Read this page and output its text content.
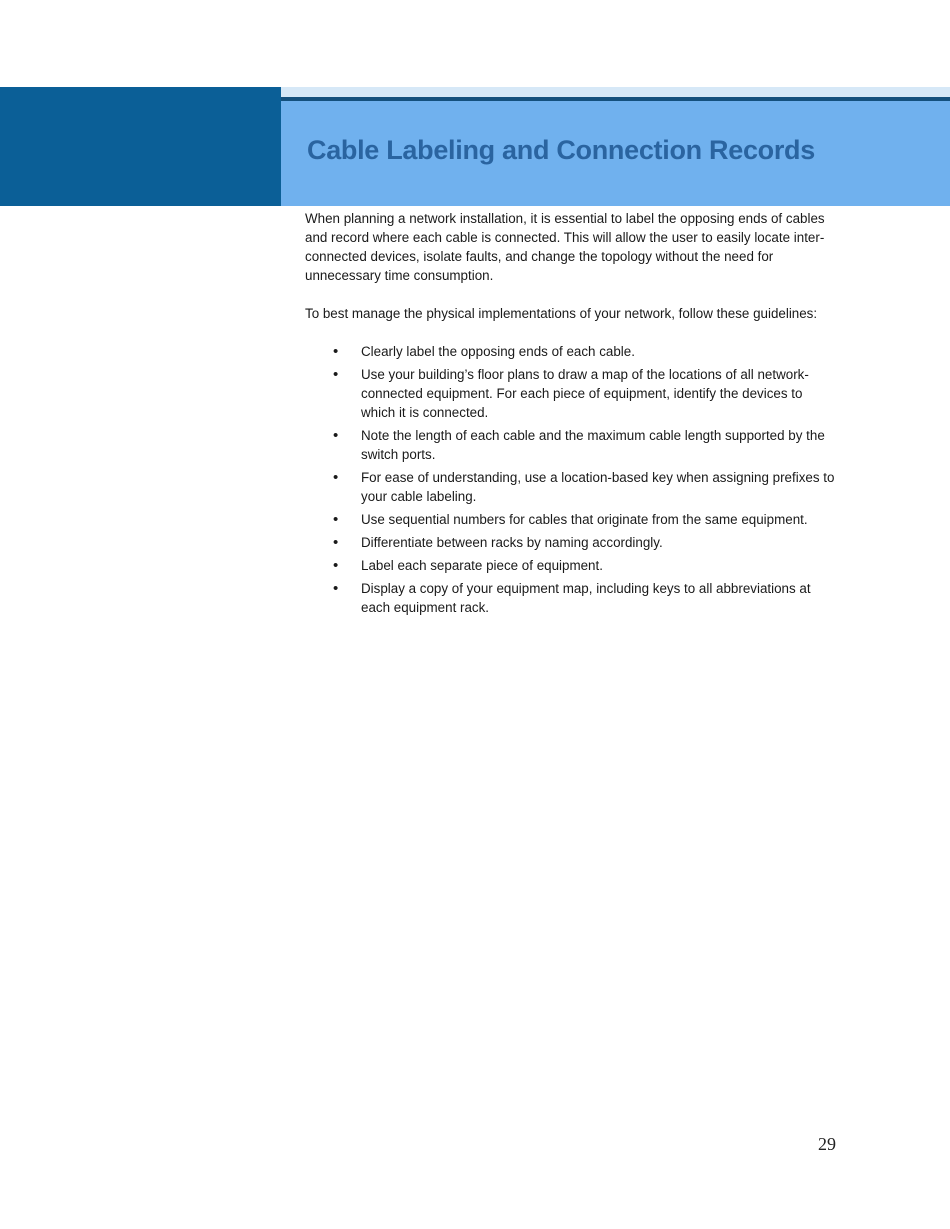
Cable Labeling and Connection Records

When planning a network installation, it is essential to label the opposing ends of cables and record where each cable is connected. This will allow the user to easily locate inter-connected devices, isolate faults, and change the topology without the need for unnecessary time consumption.

To best manage the physical implementations of your network, follow these guidelines:

• Clearly label the opposing ends of each cable.
• Use your building’s floor plans to draw a map of the locations of all network-connected equipment. For each piece of equipment, identify the devices to which it is connected.
• Note the length of each cable and the maximum cable length supported by the switch ports.
• For ease of understanding, use a location-based key when assigning prefixes to your cable labeling.
• Use sequential numbers for cables that originate from the same equipment.
• Differentiate between racks by naming accordingly.
• Label each separate piece of equipment.
• Display a copy of your equipment map, including keys to all abbreviations at each equipment rack.
29
